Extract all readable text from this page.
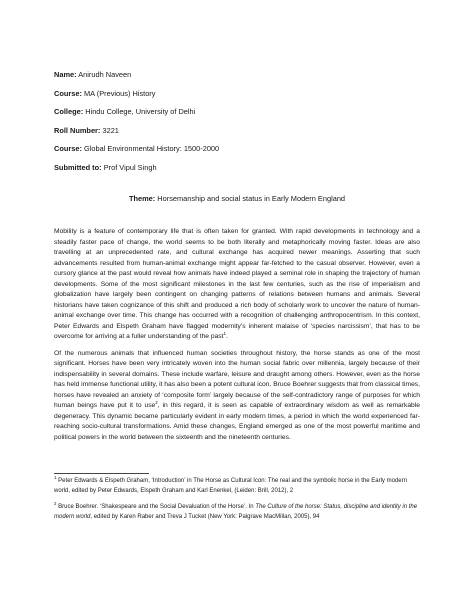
Name: Anirudh Naveen
Course: MA (Previous) History
College: Hindu College, University of Delhi
Roll Number: 3221
Course: Global Environmental History: 1500-2000
Submitted to: Prof Vipul Singh
Theme: Horsemanship and social status in Early Modern England

Mobility is a feature of contemporary life that is often taken for granted. With rapid developments in technology and a steadily faster pace of change, the world seems to be both literally and metaphorically moving faster. Ideas are also travelling at an unprecedented rate, and cultural exchange has acquired newer meanings. Asserting that such advancements resulted from human-animal exchange might appear far-fetched to the casual observer. However, even a cursory glance at the past would reveal how animals have indeed played a seminal role in shaping the trajectory of human developments. Some of the most significant milestones in the last few centuries, such as the rise of imperialism and globalization have largely been contingent on changing patterns of relations between humans and animals. Several historians have taken cognizance of this shift and produced a rich body of scholarly work to uncover the nature of human-animal exchange over time. This change has occurred with a recognition of challenging anthropocentrism. In this context, Peter Edwards and Elspeth Graham have flagged modernity’s inherent malaise of ‘species narcissism’, that has to be overcome for arriving at a fuller understanding of the past$^1$.

Of the numerous animals that influenced human societies throughout history, the horse stands as one of the most significant. Horses have been very intricately woven into the human social fabric over millennia, largely because of their indispensability in several domains. These include warfare, leisure and draught among others. However, even as the horse has held immense functional utility, it has also been a potent cultural icon. Bruce Boehrer suggests that from classical times, horses have revealed an anxiety of ‘composite form’ largely because of the self-contradictory range of purposes for which human beings have put it to use$^2$, in this regard, it is seen as capable of extraordinary wisdom as well as remarkable degeneracy. This dynamic became particularly evident in early modern times, a period in which the world experienced far-reaching socio-cultural transformations. Amid these changes, England emerged as one of the most powerful maritime and political powers in the world between the sixteenth and the nineteenth centuries.

$^1$ Peter Edwards & Elspeth Graham, ‘Introduction’ in The Horse as Cultural Icon: The real and the symbolic horse in the Early modern world, edited by Peter Edwards, Elspeth Graham and Karl Enenkel, (Leiden: Brill, 2012), 2

$^2$ Bruce Boehrer. ‘Shakespeare and the Social Devaluation of the Horse’. In The Culture of the horse: Status, discipline and identity in the modern world, edited by Karen Raber and Treva J Tucket (New York: Palgrave MacMillan, 2005), 94
